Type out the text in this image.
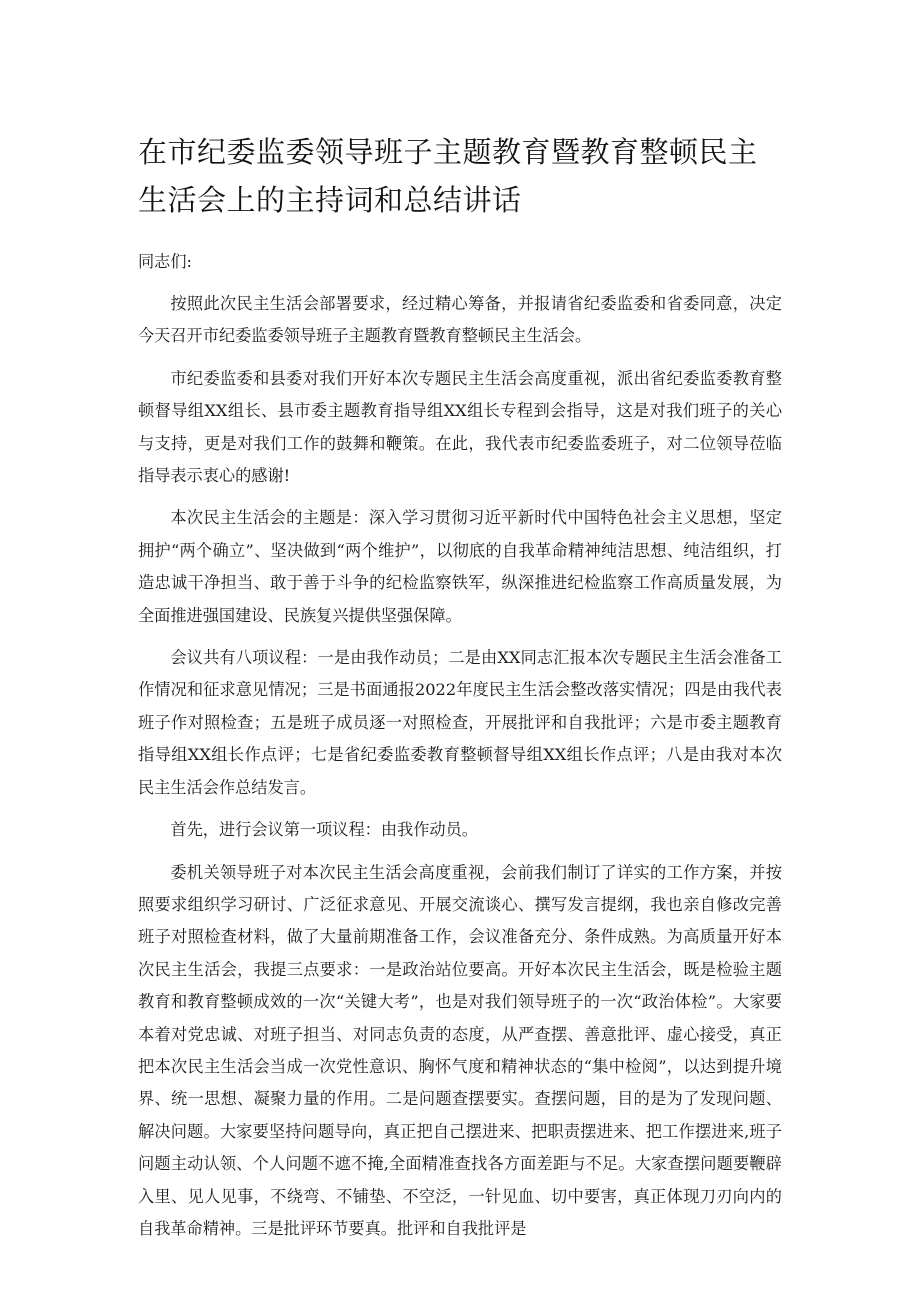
在市纪委监委领导班子主题教育暨教育整顿民主生活会上的主持词和总结讲话

同志们:

按照此次民主生活会部署要求，经过精心筹备，并报请省纪委监委和省委同意，决定今天召开市纪委监委领导班子主题教育暨教育整顿民主生活会。

市纪委监委和县委对我们开好本次专题民主生活会高度重视，派出省纪委监委教育整顿督导组XX组长、县市委主题教育指导组XX组长专程到会指导，这是对我们班子的关心与支持，更是对我们工作的鼓舞和鞭策。在此，我代表市纪委监委班子，对二位领导莅临指导表示衷心的感谢!

本次民主生活会的主题是：深入学习贯彻习近平新时代中国特色社会主义思想，坚定拥护“两个确立”、坚决做到“两个维护”，以彻底的自我革命精神纯洁思想、纯洁组织，打造忠诚干净担当、敢于善于斗争的纪检监察铁军，纵深推进纪检监察工作高质量发展，为全面推进强国建设、民族复兴提供坚强保障。

会议共有八项议程：一是由我作动员；二是由XX同志汇报本次专题民主生活会准备工作情况和征求意见情况；三是书面通报2022年度民主生活会整改落实情况；四是由我代表班子作对照检查；五是班子成员逐一对照检查，开展批评和自我批评；六是市委主题教育指导组XX组长作点评；七是省纪委监委教育整顿督导组XX组长作点评；八是由我对本次民主生活会作总结发言。

首先，进行会议第一项议程：由我作动员。

委机关领导班子对本次民主生活会高度重视，会前我们制订了详实的工作方案，并按照要求组织学习研讨、广泛征求意见、开展交流谈心、撰写发言提纲，我也亲自修改完善班子对照检查材料，做了大量前期准备工作，会议准备充分、条件成熟。为高质量开好本次民主生活会，我提三点要求：一是政治站位要高。开好本次民主生活会，既是检验主题教育和教育整顿成效的一次“关键大考”，也是对我们领导班子的一次“政治体检”。大家要本着对党忠诚、对班子担当、对同志负责的态度，从严查摆、善意批评、虚心接受，真正把本次民主生活会当成一次党性意识、胸怀气度和精神状态的“集中检阅”，以达到提升境界、统一思想、凝聚力量的作用。二是问题查摆要实。查摆问题，目的是为了发现问题、解决问题。大家要坚持问题导向，真正把自己摆进来、把职责摆进来、把工作摆进来,班子问题主动认领、个人问题不遮不掩,全面精准查找各方面差距与不足。大家查摆问题要鞭辟入里、见人见事，不绕弯、不铺垫、不空泛，一针见血、切中要害，真正体现刀刃向内的自我革命精神。三是批评环节要真。批评和自我批评是
